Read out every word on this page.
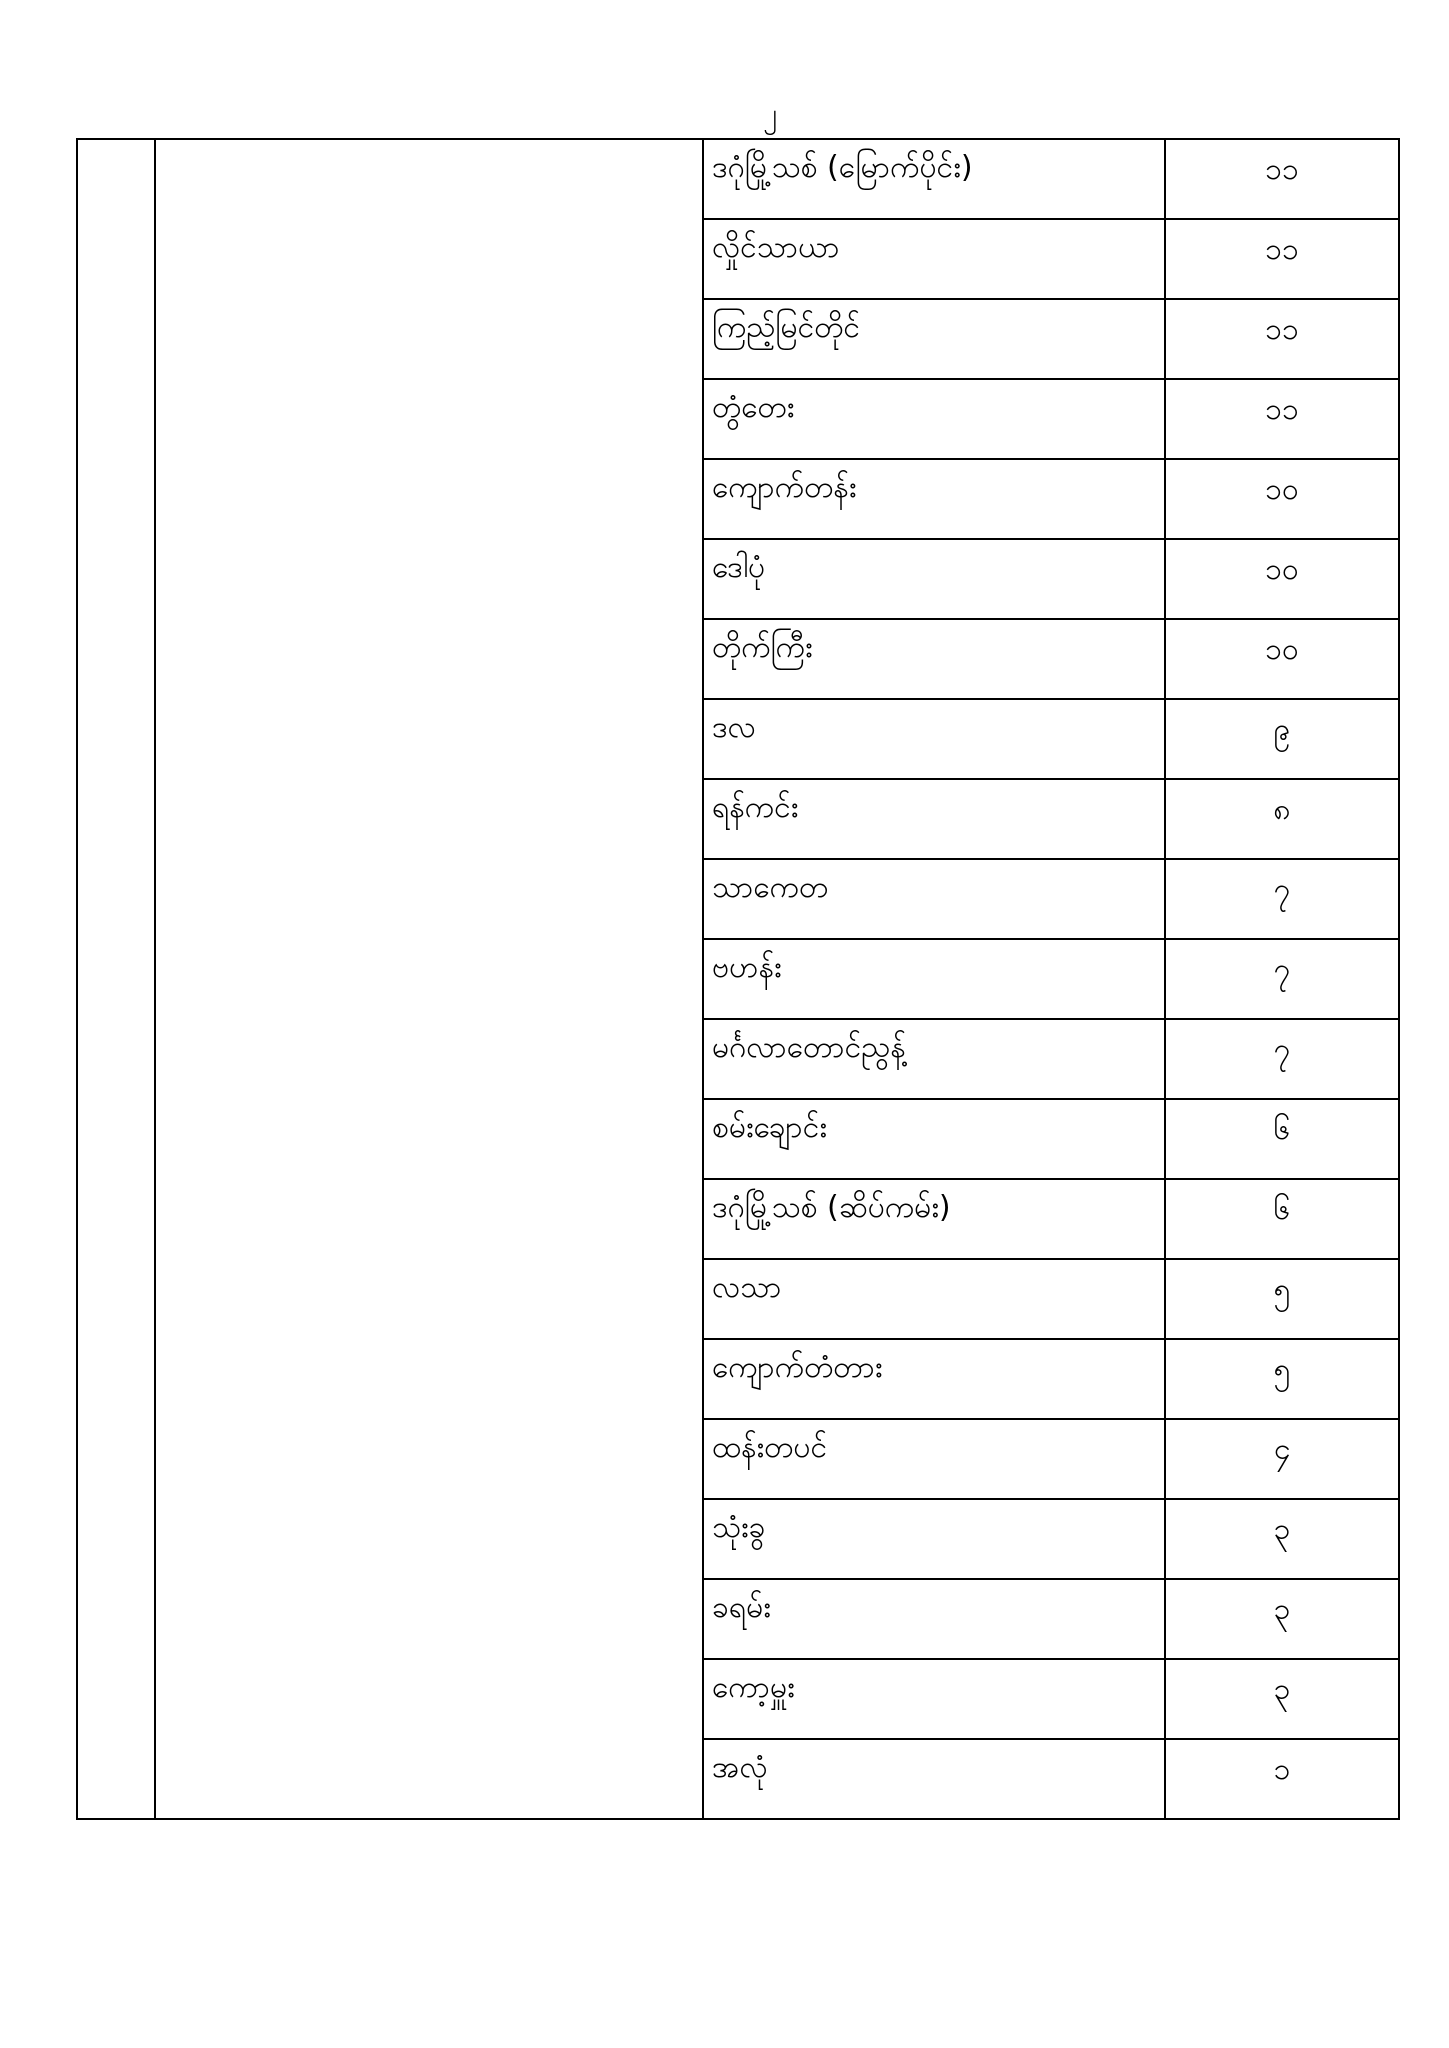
၂
		ဒဂုံမြို့သစ် (မြောက်ပိုင်း)	၁၁
		လှိုင်သာယာ	၁၁
		ကြည့်မြင်တိုင်	၁၁
		တွံတေး	၁၁
		ကျောက်တန်း	၁၀
		ဒေါပုံ	၁၀
		တိုက်ကြီး	၁၀
		ဒလ	၉
		ရန်ကင်း	၈
		သာကေတ	၇
		ဗဟန်း	၇
		မင်္ဂလာတောင်ညွန့်	၇
		စမ်းချောင်း	၆
		ဒဂုံမြို့သစ် (ဆိပ်ကမ်း)	၆
		လသာ	၅
		ကျောက်တံတား	၅
		ထန်းတပင်	၄
		သုံးခွ	၃
		ခရမ်း	၃
		ကော့မှူး	၃
		အလုံ	၁
